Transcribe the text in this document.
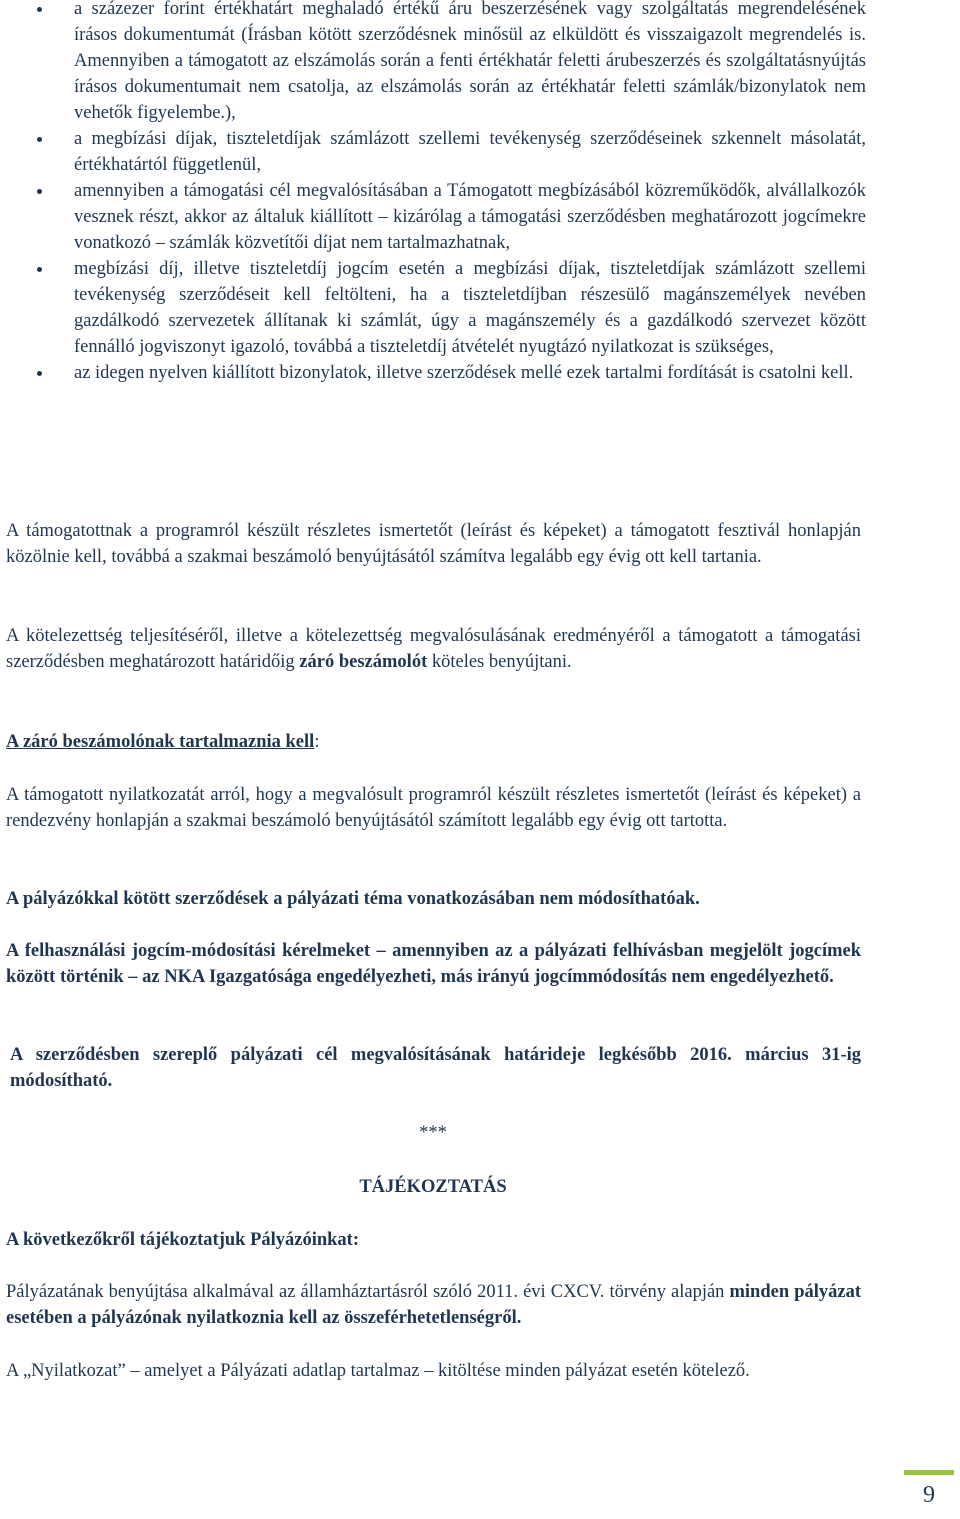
a százezer forint értékhatárt meghaladó értékű áru beszerzésének vagy szolgáltatás megrendelésének írásos dokumentumát (Írásban kötött szerződésnek minősül az elküldött és visszaigazolt megrendelés is. Amennyiben a támogatott az elszámolás során a fenti értékhatár feletti árubeszerzés és szolgáltatásnyújtás írásos dokumentumait nem csatolja, az elszámolás során az értékhatár feletti számlák/bizonylatok nem vehetők figyelembe.),
a megbízási díjak, tiszteletdíjak számlázott szellemi tevékenység szerződéseinek szkennelt másolatát, értékhatártól függetlenül,
amennyiben a támogatási cél megvalósításában a Támogatott megbízásából közreműködők, alvállalkozók vesznek részt, akkor az általuk kiállított – kizárólag a támogatási szerződésben meghatározott jogcímekre vonatkozó – számlák közvetítői díjat nem tartalmazhatnak,
megbízási díj, illetve tiszteletdíj jogcím esetén a megbízási díjak, tiszteletdíjak számlázott szellemi tevékenység szerződéseit kell feltölteni, ha a tiszteletdíjban részesülő magánszemélyek nevében gazdálkodó szervezetek állítanak ki számlát, úgy a magánszemély és a gazdálkodó szervezet között fennálló jogviszonyt igazoló, továbbá a tiszteletdíj átvételét nyugtázó nyilatkozat is szükséges,
az idegen nyelven kiállított bizonylatok, illetve szerződések mellé ezek tartalmi fordítását is csatolni kell.

A támogatottnak a programról készült részletes ismertetőt (leírást és képeket) a támogatott fesztivál honlapján közölnie kell, továbbá a szakmai beszámoló benyújtásától számítva legalább egy évig ott kell tartania.

A kötelezettség teljesítéséről, illetve a kötelezettség megvalósulásának eredményéről a támogatott a támogatási szerződésben meghatározott határidőig záró beszámolót köteles benyújtani.

A záró beszámolónak tartalmaznia kell:

A támogatott nyilatkozatát arról, hogy a megvalósult programról készült részletes ismertetőt (leírást és képeket) a rendezvény honlapján a szakmai beszámoló benyújtásától számított legalább egy évig ott tartotta.

A pályázókkal kötött szerződések a pályázati téma vonatkozásában nem módosíthatóak.

A felhasználási jogcím-módosítási kérelmeket – amennyiben az a pályázati felhívásban megjelölt jogcímek között történik – az NKA Igazgatósága engedélyezheti, más irányú jogcímmódosítás nem engedélyezhető.

A szerződésben szereplő pályázati cél megvalósításának határideje legkésőbb 2016. március 31-ig módosítható.

***

TÁJÉKOZTATÁS

A következőkről tájékoztatjuk Pályázóinkat:

Pályázatának benyújtása alkalmával az államháztartásról szóló 2011. évi CXCV. törvény alapján minden pályázat esetében a pályázónak nyilatkoznia kell az összeférhetetlenségről.

A „Nyilatkozat” – amelyet a Pályázati adatlap tartalmaz – kitöltése minden pályázat esetén kötelező.

9
